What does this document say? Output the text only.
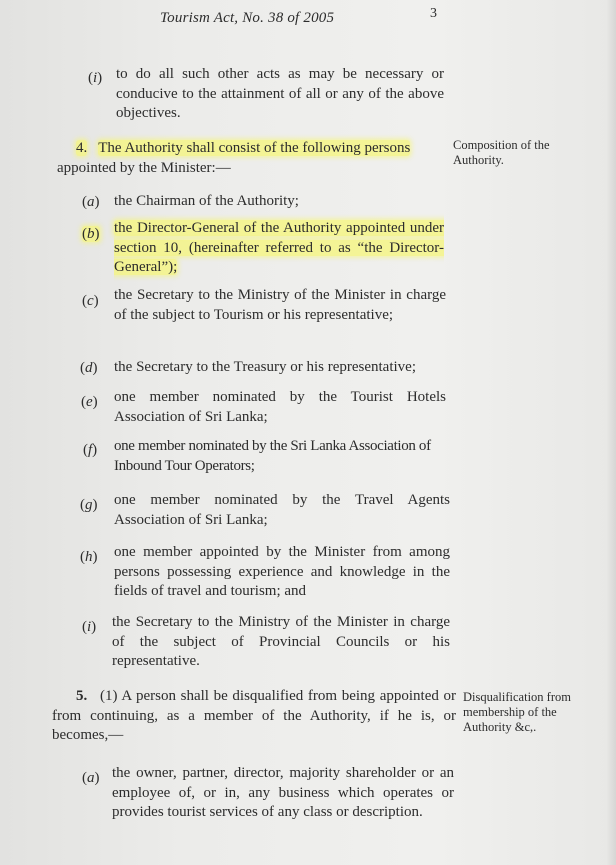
Tourism Act, No. 38 of 2005	3
(i) to do all such other acts as may be necessary or conducive to the attainment of all or any of the above objectives.
4. The Authority shall consist of the following persons
appointed by the Minister:—
Composition of the Authority.
(a) the Chairman of the Authority;
(b) the Director-General of the Authority appointed under section 10, (hereinafter referred to as “the Director-General”);
(c) the Secretary to the Ministry of the Minister in charge of the subject to Tourism or his representative;
(d) the Secretary to the Treasury or his representative;
(e) one member nominated by the Tourist Hotels Association of Sri Lanka;
(f) one member nominated by the Sri Lanka Association of Inbound Tour Operators;
(g) one member nominated by the Travel Agents Association of Sri Lanka;
(h) one member appointed by the Minister from among persons possessing experience and knowledge in the fields of travel and tourism; and
(i) the Secretary to the Ministry of the Minister in charge of the subject of Provincial Councils or his representative.
5. (1) A person shall be disqualified from being appointed or from continuing, as a member of the Authority, if he is, or becomes,—
Disqualification from membership of the Authority &c,.
(a) the owner, partner, director, majority shareholder or an employee of, or in, any business which operates or provides tourist services of any class or description.
